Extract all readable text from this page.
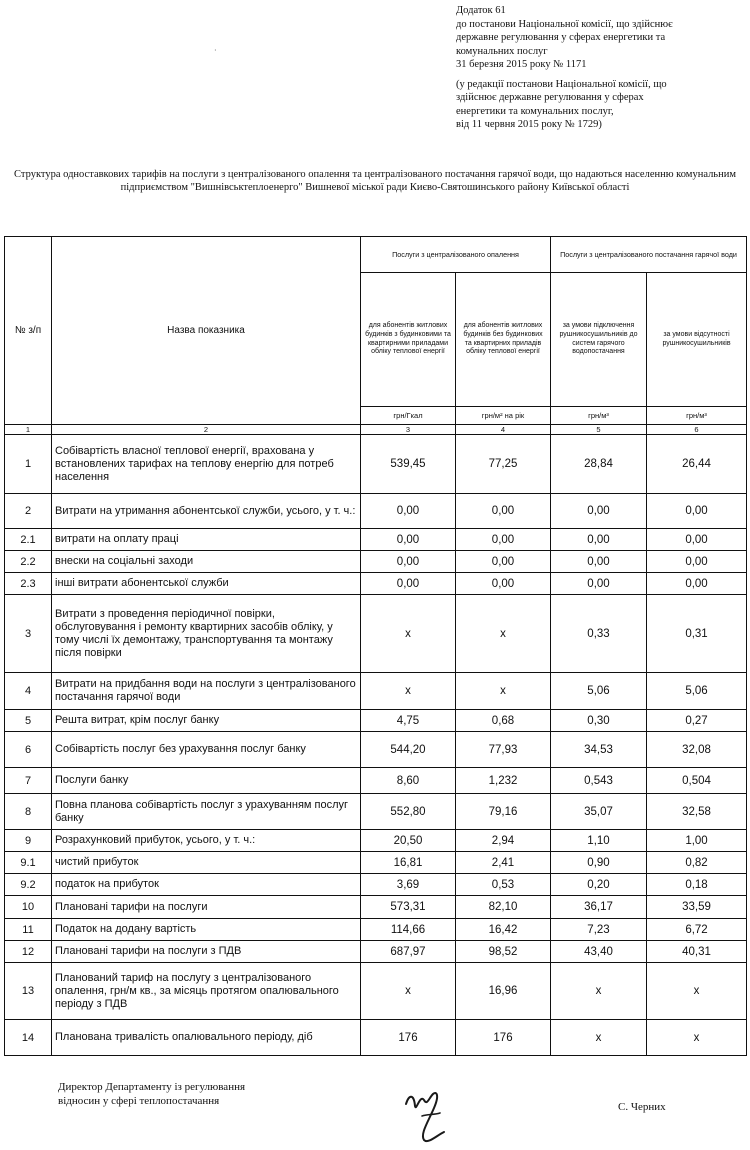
Додаток 61
до постанови Національної комісії, що здійснює
державне регулювання у сферах енергетики та
комунальних послуг
31 березня 2015 року № 1171
(у редакції постанови Національної комісії, що
здійснює державне регулювання у сферах
енергетики та комунальних послуг,
від 11 червня 2015 року № 1729)
·
Структура одноставкових тарифів на послуги з централізованого опалення та централізованого постачання гарячої води, що надаються населенню комунальним підприємством "Вишнівськтеплоенерго" Вишневої міської ради Києво-Святошинського району Київської області
№ з/п	Назва показника	Послуги з централізованого опалення		Послуги з централізованого постачання гарячої води	
		для абонентів житлових будинків з будинковими та квартирними приладами обліку теплової енергії	для абонентів житлових будинків без будинкових та квартирних приладів обліку теплової енергії	за умови підключення рушникосушильників до систем гарячого водопостачання	за умови відсутності рушникосушильників
		грн/Гкал	грн/м² на рік	грн/м³	грн/м³
1	2	3	4	5	6
1	Собівартість власної теплової енергії, врахована у встановлених тарифах на теплову енергію для потреб населення	539,45	77,25	28,84	26,44
2	Витрати на утримання абонентської служби, усього, у т. ч.:	0,00	0,00	0,00	0,00
2.1	витрати на оплату праці	0,00	0,00	0,00	0,00
2.2	внески на соціальні заходи	0,00	0,00	0,00	0,00
2.3	інші витрати абонентської служби	0,00	0,00	0,00	0,00
3	Витрати з проведення періодичної повірки, обслуговування і ремонту квартирних засобів обліку, у тому числі їх демонтажу, транспортування та монтажу після повірки	x	x	0,33	0,31
4	Витрати на придбання води на послуги з централізованого постачання гарячої води	x	x	5,06	5,06
5	Решта витрат, крім послуг банку	4,75	0,68	0,30	0,27
6	Собівартість послуг без урахування послуг банку	544,20	77,93	34,53	32,08
7	Послуги банку	8,60	1,232	0,543	0,504
8	Повна планова собівартість послуг з урахуванням послуг банку	552,80	79,16	35,07	32,58
9	Розрахунковий прибуток, усього, у т. ч.:	20,50	2,94	1,10	1,00
9.1	чистий прибуток	16,81	2,41	0,90	0,82
9.2	податок на прибуток	3,69	0,53	0,20	0,18
10	Плановані тарифи на послуги	573,31	82,10	36,17	33,59
11	Податок на додану вартість	114,66	16,42	7,23	6,72
12	Плановані тарифи на послуги з ПДВ	687,97	98,52	43,40	40,31
13	Планований тариф на послугу з централізованого опалення, грн/м кв., за місяць протягом опалювального періоду з ПДВ	x	16,96	x	x
14	Планована тривалість опалювального періоду, діб	176	176	x	x
Директор Департаменту із регулювання
відносин у сфері теплопостачання	С. Черних
